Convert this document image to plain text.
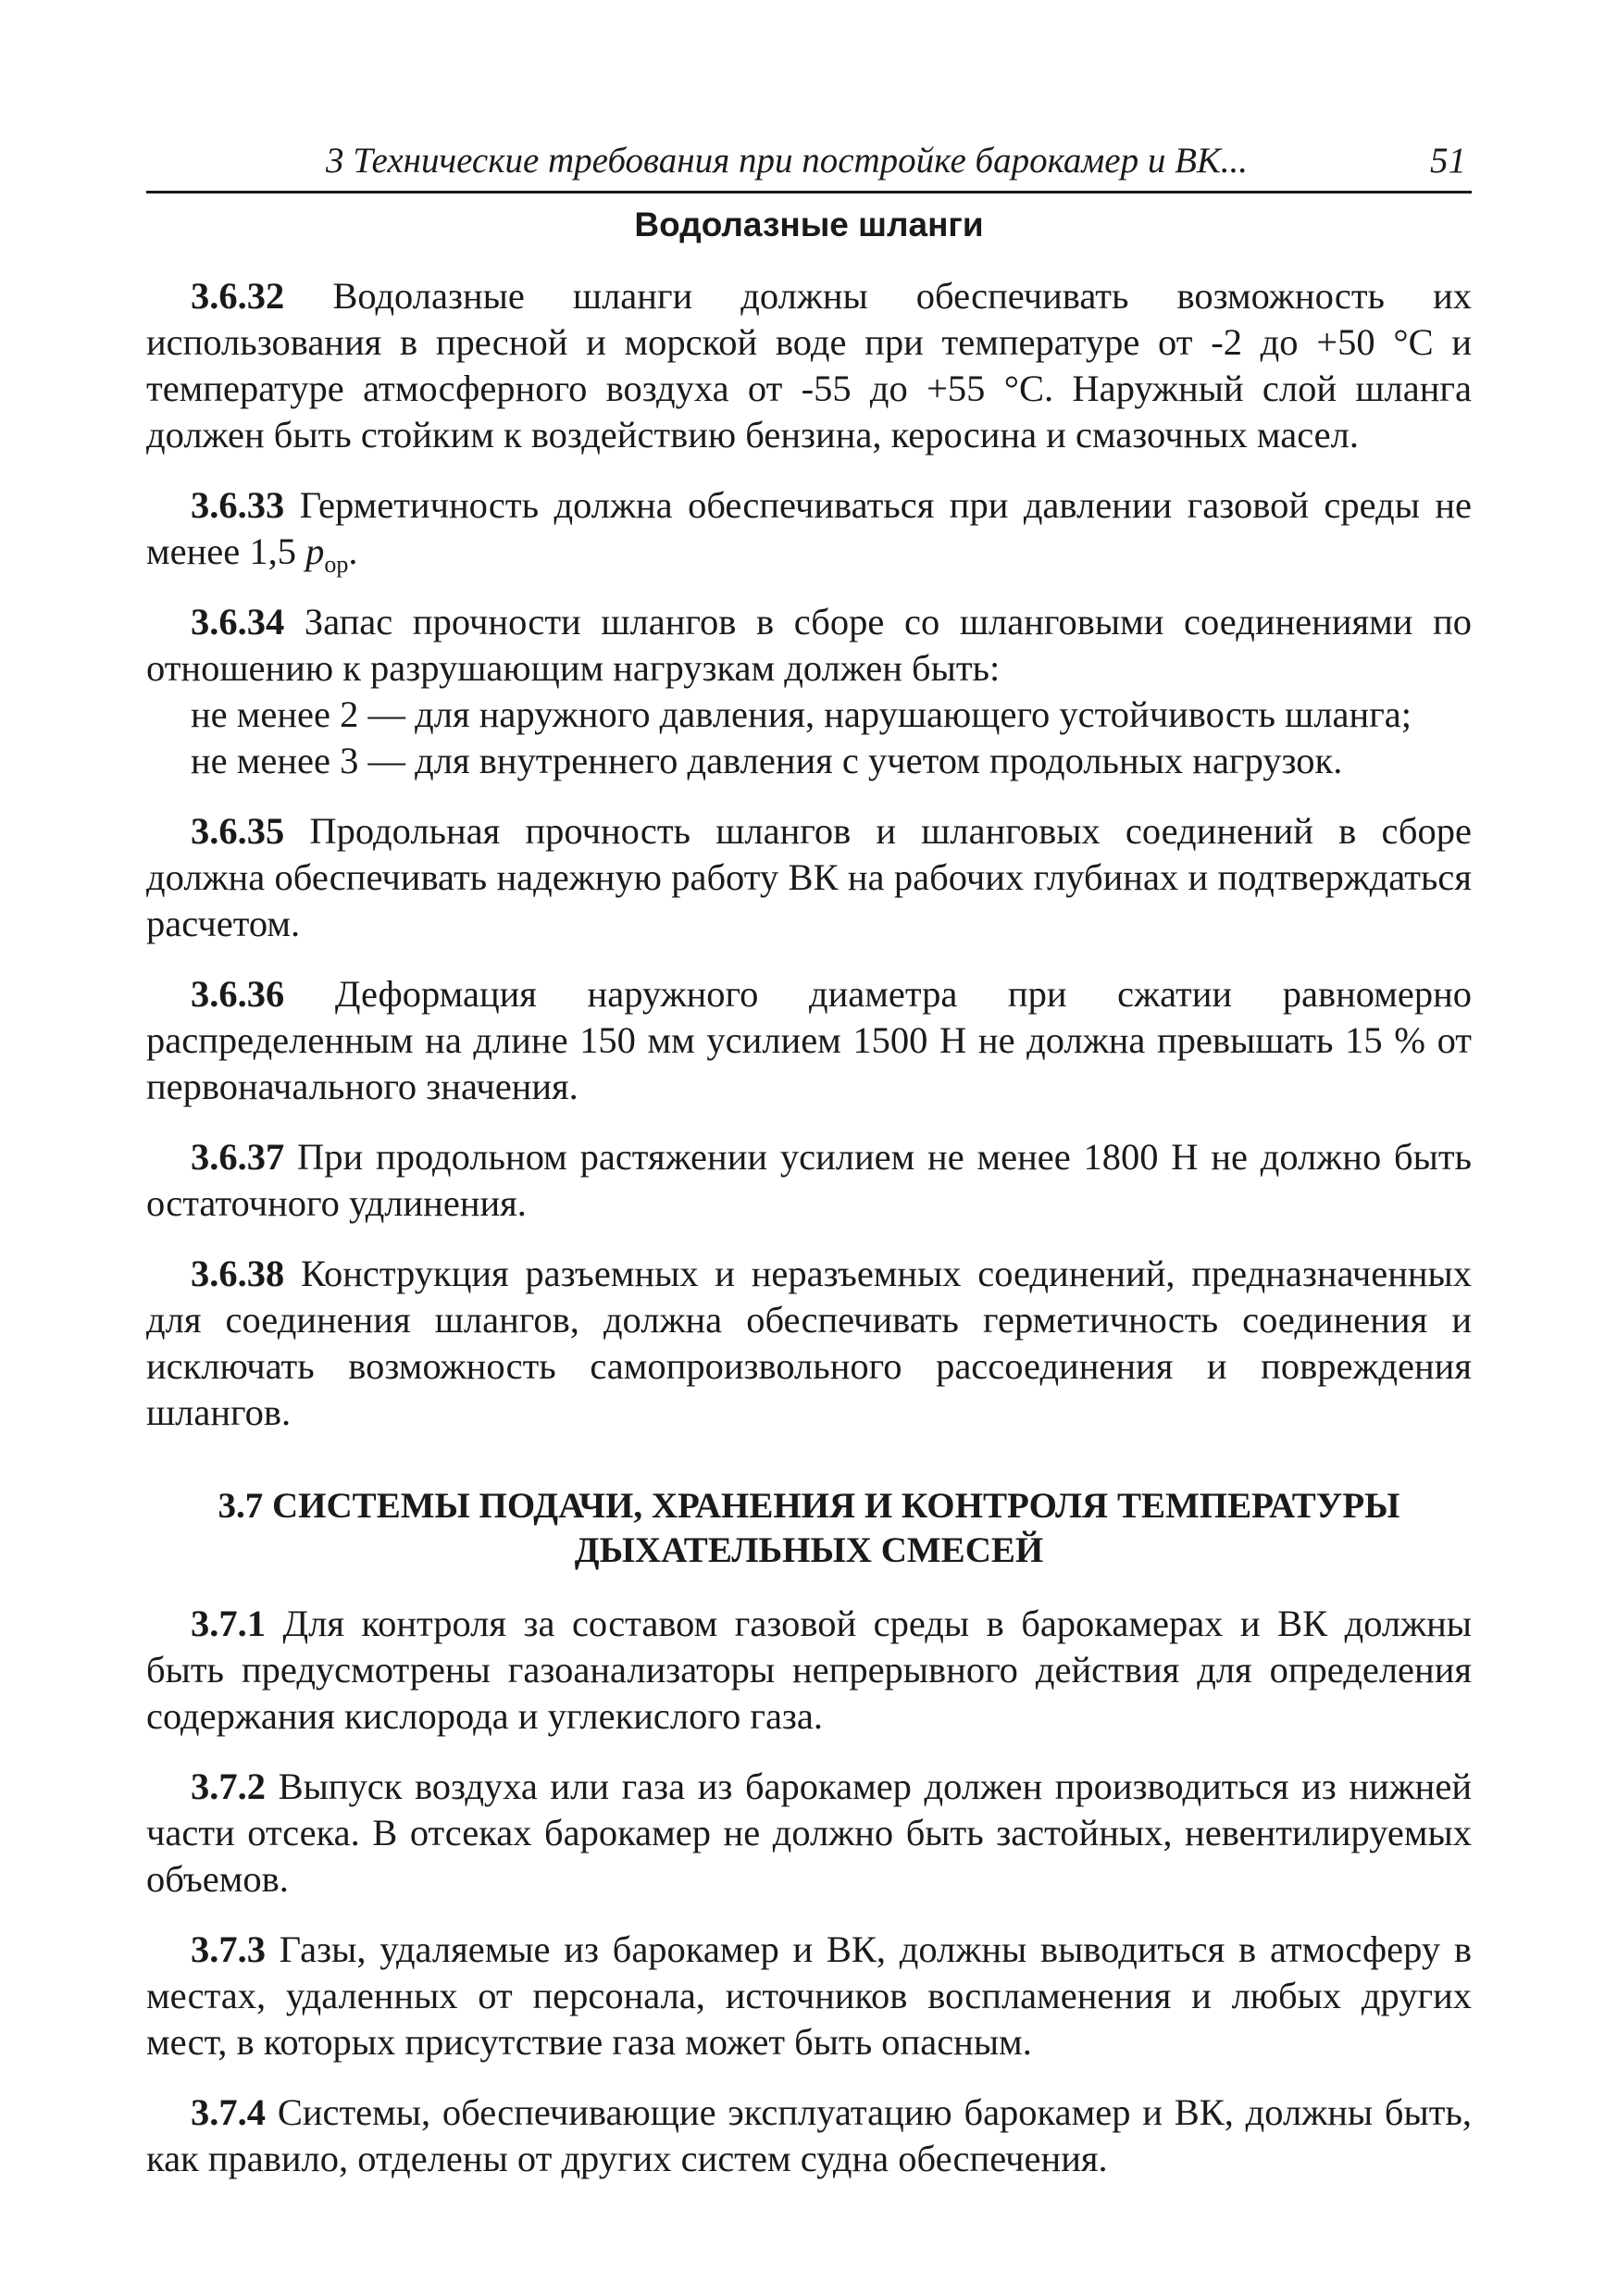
3 Технические требования при постройке барокамер и ВК...	51
Водолазные шланги

3.6.32 Водолазные шланги должны обеспечивать возможность их использования в пресной и морской воде при температуре от -2 до +50 °С и температуре атмосферного воздуха от -55 до +55 °С. Наружный слой шланга должен быть стойким к воздействию бензина, керосина и смазочных масел.

3.6.33 Герметичность должна обеспечиваться при давлении газовой среды не менее 1,5 $p_{ор}$.

3.6.34 Запас прочности шлангов в сборе со шланговыми соединениями по отношению к разрушающим нагрузкам должен быть:

не менее 2 — для наружного давления, нарушающего устойчивость шланга;

не менее 3 — для внутреннего давления с учетом продольных нагрузок.

3.6.35 Продольная прочность шлангов и шланговых соединений в сборе должна обеспечивать надежную работу ВК на рабочих глубинах и подтверждаться расчетом.

3.6.36 Деформация наружного диаметра при сжатии равномерно распределенным на длине 150 мм усилием 1500 Н не должна превышать 15 % от первоначального значения.

3.6.37 При продольном растяжении усилием не менее 1800 Н не должно быть остаточного удлинения.

3.6.38 Конструкция разъемных и неразъемных соединений, предназначенных для соединения шлангов, должна обеспечивать герметичность соединения и исключать возможность самопроизвольного рассоединения и повреждения шлангов.

3.7 СИСТЕМЫ ПОДАЧИ, ХРАНЕНИЯ И КОНТРОЛЯ ТЕМПЕРАТУРЫ
ДЫХАТЕЛЬНЫХ СМЕСЕЙ

3.7.1 Для контроля за составом газовой среды в барокамерах и ВК должны быть предусмотрены газоанализаторы непрерывного действия для определения содержания кислорода и углекислого газа.

3.7.2 Выпуск воздуха или газа из барокамер должен производиться из нижней части отсека. В отсеках барокамер не должно быть застойных, невентилируемых объемов.

3.7.3 Газы, удаляемые из барокамер и ВК, должны выводиться в атмосферу в местах, удаленных от персонала, источников воспламенения и любых других мест, в которых присутствие газа может быть опасным.

3.7.4 Системы, обеспечивающие эксплуатацию барокамер и ВК, должны быть, как правило, отделены от других систем судна обеспечения.
